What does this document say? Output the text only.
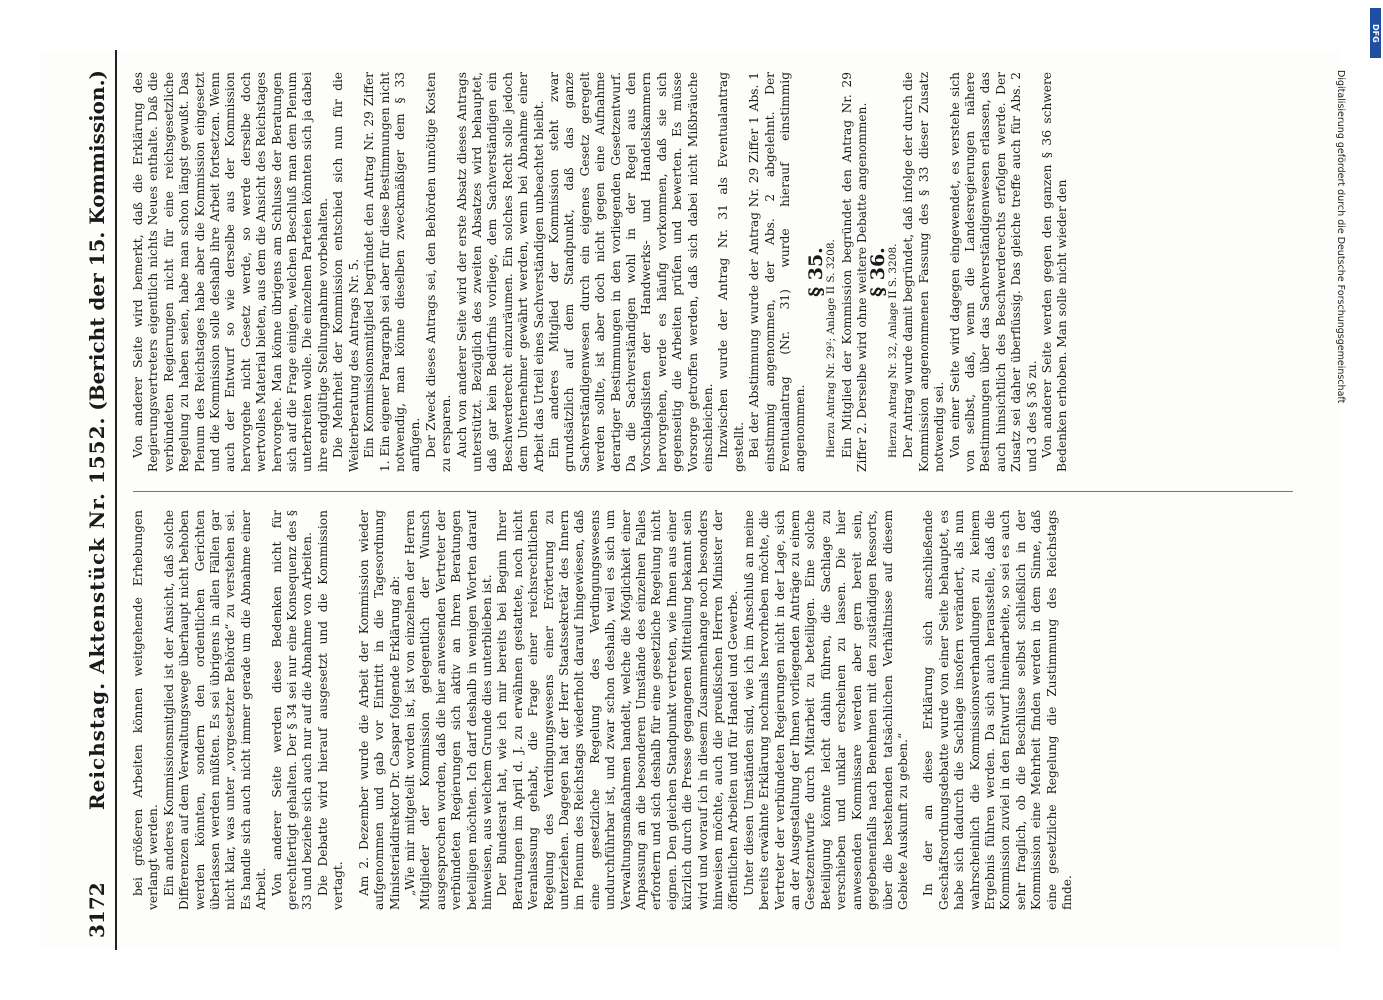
3172
Reichstag. Aktenstück Nr. 1552.
(Bericht der 15. Kommission.)

bei größeren Arbeiten können weitgehende Erhebungen verlangt werden. Ein anderes Kommissionsmitglied ist der Ansicht, daß solche Differenzen auf dem Verwaltungswege überhaupt nicht behoben werden könnten, sondern den ordentlichen Gerichten überlassen werden müßten. Es sei übrigens in allen Fällen gar nicht klar, was unter „vorgesetzter Behörde“ zu verstehen sei. Es handle sich auch nicht immer gerade um die Abnahme einer Arbeit. Von anderer Seite werden diese Bedenken nicht für gerechtfertigt gehalten. Der § 34 sei nur eine Konsequenz des § 33 und beziehe sich auch nur auf die Abnahme von Arbeiten. Die Debatte wird hierauf ausgesetzt und die Kommission vertagt. Am 2. Dezember wurde die Arbeit der Kommission wieder aufgenommen und gab vor Eintritt in die Tagesordnung Ministerialdirektor Dr. Caspar folgende Erklärung ab: „Wie mir mitgeteilt worden ist, ist von einzelnen der Herren Mitglieder der Kommission gelegentlich der Wunsch ausgesprochen worden, daß die hier anwesenden Vertreter der verbündeten Regierungen sich aktiv an Ihren Beratungen beteiligen möchten. Ich darf deshalb in wenigen Worten darauf hinweisen, aus welchem Grunde dies unterblieben ist. Der Bundesrat hat, wie ich mir bereits bei Beginn Ihrer Beratungen im April d. J. zu erwähnen gestattete, noch nicht Veranlassung gehabt, die Frage einer reichsrechtlichen Regelung des Verdingungswesens einer Erörterung zu unterziehen. Dagegen hat der Herr Staatssekretär des Innern im Plenum des Reichstags wiederholt darauf hingewiesen, daß eine gesetzliche Regelung des Verdingungswesens undurchführbar ist, und zwar schon deshalb, weil es sich um Verwaltungsmaßnahmen handelt, welche die Möglichkeit einer Anpassung an die besonderen Umstände des einzelnen Falles erfordern und sich deshalb für eine gesetzliche Regelung nicht eignen. Den gleichen Standpunkt vertreten, wie Ihnen aus einer kürzlich durch die Presse gegangenen Mitteilung bekannt sein wird und worauf ich in diesem Zusammenhange noch besonders hinweisen möchte, auch die preußischen Herren Minister der öffentlichen Arbeiten und für Handel und Gewerbe. Unter diesen Umständen sind, wie ich im Anschluß an meine bereits erwähnte Erklärung nochmals hervorheben möchte, die Vertreter der verbündeten Regierungen nicht in der Lage, sich an der Ausgestaltung der Ihnen vorliegenden Anträge zu einem Gesetzentwurfe durch Mitarbeit zu beteiligen. Eine solche Beteiligung könnte leicht dahin führen, die Sachlage zu verschieben und unklar erscheinen zu lassen. Die hier anwesenden Kommissare werden aber gern bereit sein, gegebenenfalls nach Benehmen mit den zuständigen Ressorts, über die bestehenden tatsächlichen Verhältnisse auf diesem Gebiete Auskunft zu geben.“ In der an diese Erklärung sich anschließende Geschäftsordnungsdebatte wurde von einer Seite behauptet, es habe sich dadurch die Sachlage insofern verändert, als nun wahrscheinlich die Kommissionsverhandlungen zu keinem Ergebnis führen werden. Da sich auch herausstelle, daß die Kommission zuviel in den Entwurf hineinarbeite, so sei es auch sehr fraglich, ob die Beschlüsse selbst schließlich in der Kommission eine Mehrheit finden werden in dem Sinne, daß eine gesetzliche Regelung die Zustimmung des Reichstags finde.

Von anderer Seite wird bemerkt, daß die Erklärung des Regierungsvertreters eigentlich nichts Neues enthalte. Daß die verbündeten Regierungen nicht für eine reichsgesetzliche Regelung zu haben seien, habe man schon längst gewußt. Das Plenum des Reichstages habe aber die Kommission eingesetzt und die Kommission solle deshalb ihre Arbeit fortsetzen. Wenn auch der Entwurf so wie derselbe aus der Kommission hervorgehe nicht Gesetz werde, so werde derselbe doch wertvolles Material bieten, aus dem die Ansicht des Reichstages hervorgehe. Man könne übrigens am Schlusse der Beratungen sich auf die Frage einigen, welchen Beschluß man dem Plenum unterbreiten wolle. Die einzelnen Parteien könnten sich ja dabei ihre endgültige Stellungnahme vorbehalten. Die Mehrheit der Kommission entschied sich nun für die Weiterberatung des Antrags Nr. 5. Ein Kommissionsmitglied begründet den Antrag Nr. 29 Ziffer 1. Ein eigener Paragraph sei aber für diese Bestimmungen nicht notwendig, man könne dieselben zweckmäßiger dem § 33 anfügen. Der Zweck dieses Antrags sei, den Behörden unnötige Kosten zu ersparen. Auch von anderer Seite wird der erste Absatz dieses Antrags unterstützt. Bezüglich des zweiten Absatzes wird behauptet, daß gar kein Bedürfnis vorliege, dem Sachverständigen ein Beschwerderecht einzuräumen. Ein solches Recht solle jedoch dem Unternehmer gewährt werden, wenn bei Abnahme einer Arbeit das Urteil eines Sachverständigen unbeachtet bleibt. Ein anderes Mitglied der Kommission steht zwar grundsätzlich auf dem Standpunkt, daß das ganze Sachverständigenwesen durch ein eigenes Gesetz geregelt werden sollte, ist aber doch nicht gegen eine Aufnahme derartiger Bestimmungen in den vorliegenden Gesetzentwurf. Da die Sachverständigen wohl in der Regel aus den Vorschlagslisten der Handwerks- und Handelskammern hervorgehen, werde es häufig vorkommen, daß sie sich gegenseitig die Arbeiten prüfen und bewerten. Es müsse Vorsorge getroffen werden, daß sich dabei nicht Mißbräuche einschleichen. Inzwischen wurde der Antrag Nr. 31 als Eventualantrag gestellt. Bei der Abstimmung wurde der Antrag Nr. 29 Ziffer 1 Abs. 1 einstimmig angenommen, der Abs. 2 abgelehnt. Der Eventualantrag (Nr. 31) wurde hierauf einstimmig angenommen.

§ 35.

Hierzu Antrag Nr. 29²; Anlage II S. 3208. Ein Mitglied der Kommission begründet den Antrag Nr. 29 Ziffer 2. Derselbe wird ohne weitere Debatte angenommen.

§ 36.

Hierzu Antrag Nr. 32, Anlage II S. 3208. Der Antrag wurde damit begründet, daß infolge der durch die Kommission angenommenen Fassung des § 33 dieser Zusatz notwendig sei. Von einer Seite wird dagegen eingewendet, es verstehe sich von selbst, daß, wenn die Landesregierungen nähere Bestimmungen über das Sachverständigenwesen erlassen, das auch hinsichtlich des Beschwerderechts erfolgen werde. Der Zusatz sei daher überflüssig. Das gleiche treffe auch für Abs. 2 und 3 des § 36 zu. Von anderer Seite werden gegen den ganzen § 36 schwere Bedenken erhoben. Man solle nicht wieder den	Digitalisierung gefördert durch die Deutsche Forschungsgemeinschaft
DFG
